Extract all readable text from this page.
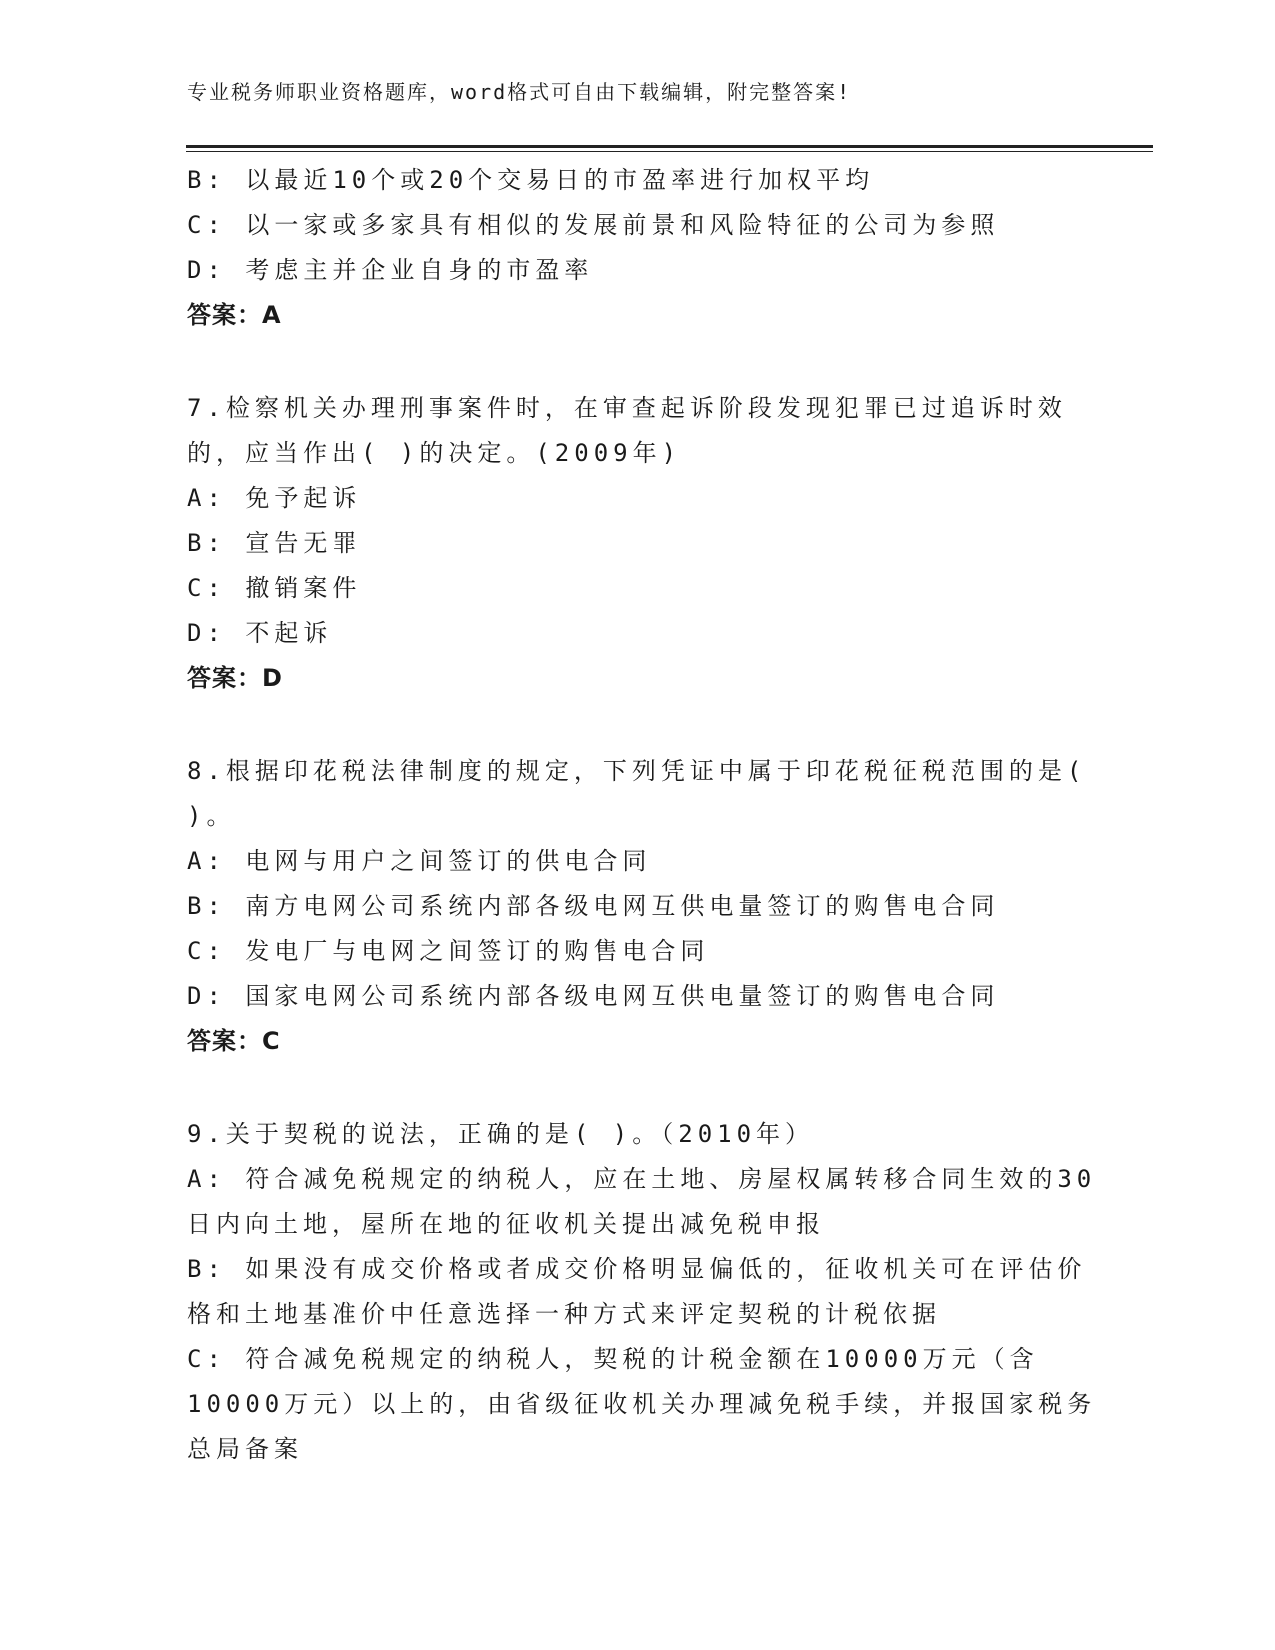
专业税务师职业资格题库，word格式可自由下载编辑，附完整答案!
B: 以最近10个或20个交易日的市盈率进行加权平均
C: 以一家或多家具有相似的发展前景和风险特征的公司为参照
D: 考虑主并企业自身的市盈率
答案：A
7.检察机关办理刑事案件时，在审查起诉阶段发现犯罪已过追诉时效
的，应当作出( )的决定。(2009年)
A: 免予起诉
B: 宣告无罪
C: 撤销案件
D: 不起诉
答案：D
8.根据印花税法律制度的规定，下列凭证中属于印花税征税范围的是(
)。
A: 电网与用户之间签订的供电合同
B: 南方电网公司系统内部各级电网互供电量签订的购售电合同
C: 发电厂与电网之间签订的购售电合同
D: 国家电网公司系统内部各级电网互供电量签订的购售电合同
答案：C
9.关于契税的说法，正确的是( )。（2010年）
A: 符合减免税规定的纳税人，应在土地、房屋权属转移合同生效的30
日内向土地，屋所在地的征收机关提出减免税申报
B: 如果没有成交价格或者成交价格明显偏低的，征收机关可在评估价
格和土地基准价中任意选择一种方式来评定契税的计税依据
C: 符合减免税规定的纳税人，契税的计税金额在10000万元（含
10000万元）以上的，由省级征收机关办理减免税手续，并报国家税务
总局备案
